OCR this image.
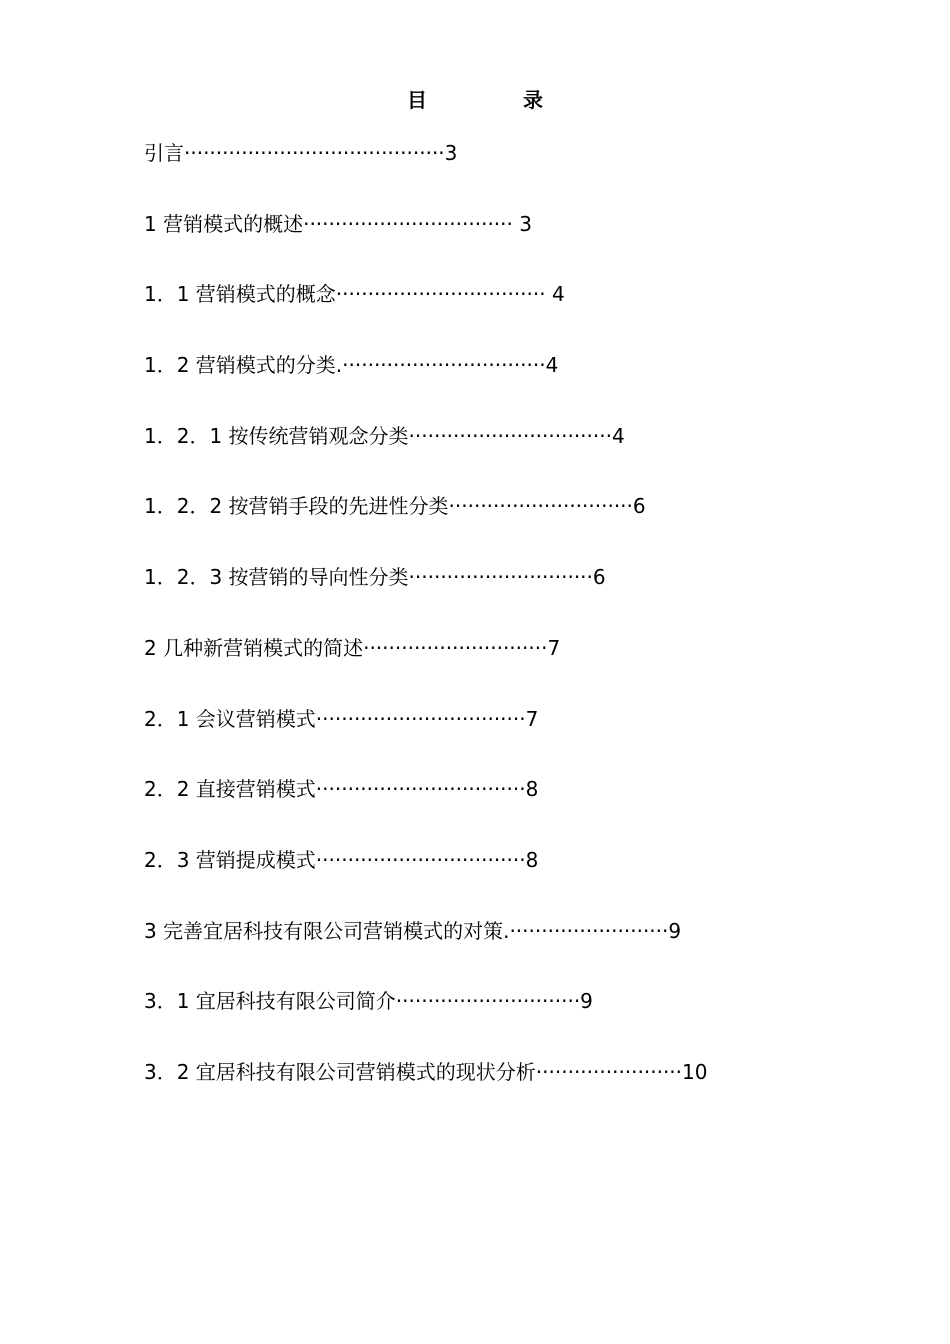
目　录
引言·········································3
1 营销模式的概述································· 3
1．1 营销模式的概念································· 4
1．2 营销模式的分类.································4
1．2．1 按传统营销观念分类································4
1．2．2 按营销手段的先进性分类·····························6
1．2．3 按营销的导向性分类·····························6
2 几种新营销模式的简述·····························7
2．1 会议营销模式·································7
2．2 直接营销模式·································8
2．3 营销提成模式·································8
3 完善宜居科技有限公司营销模式的对策.·························9
3．1 宜居科技有限公司简介·····························9
3．2 宜居科技有限公司营销模式的现状分析·······················10
